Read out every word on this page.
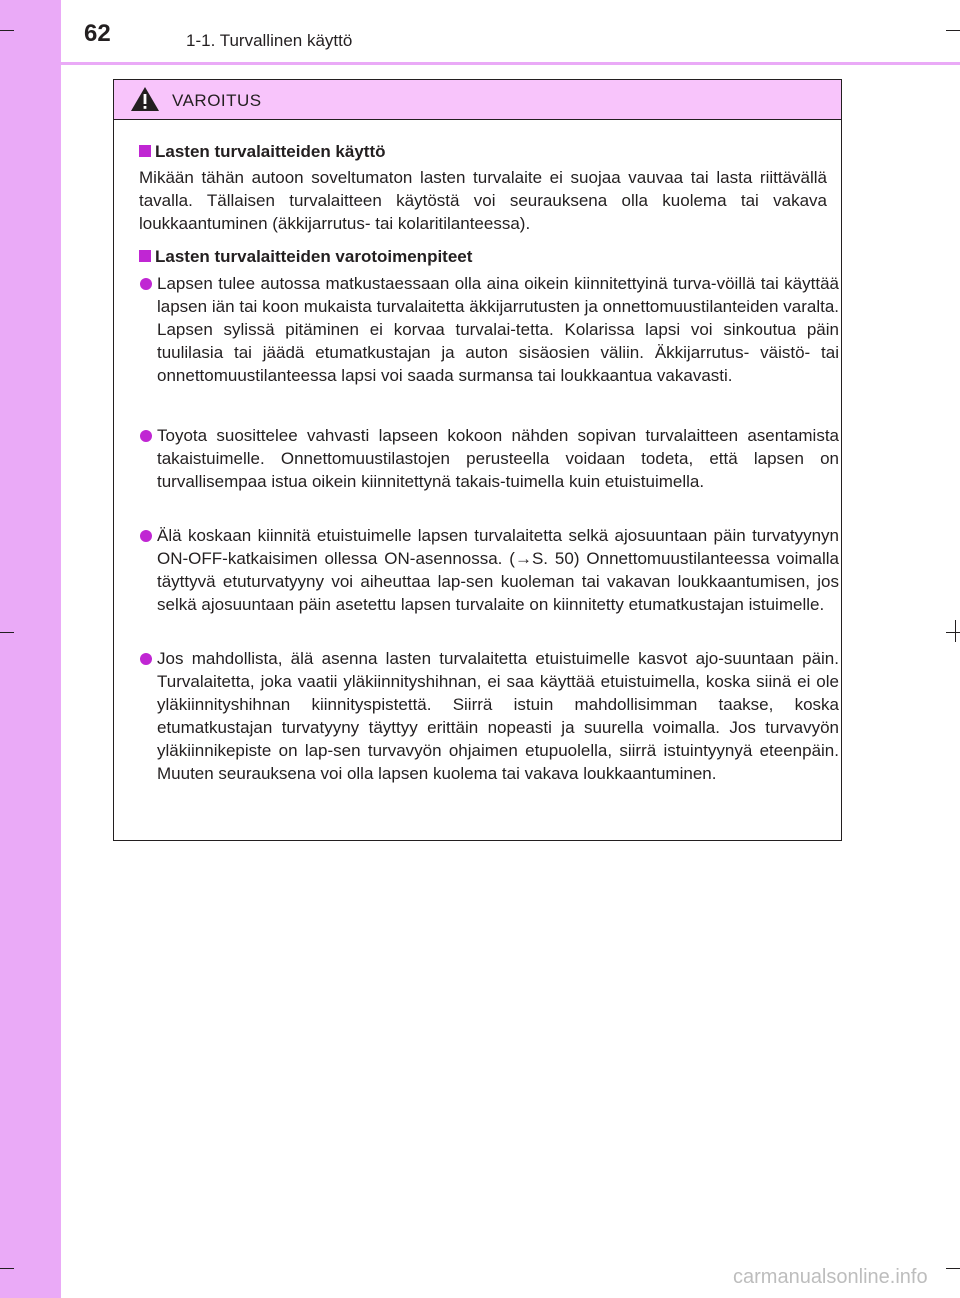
62	1-1. Turvallinen käyttö
VAROITUS
Lasten turvalaitteiden käyttö
Mikään tähän autoon soveltumaton lasten turvalaite ei suojaa vauvaa tai lasta riittävällä tavalla. Tällaisen turvalaitteen käytöstä voi seurauksena olla kuolema tai vakava loukkaantuminen (äkkijarrutus- tai kolaritilanteessa).
Lasten turvalaitteiden varotoimenpiteet
Lapsen tulee autossa matkustaessaan olla aina oikein kiinnitettyinä turva-vöillä tai käyttää lapsen iän tai koon mukaista turvalaitetta äkkijarrutusten ja onnettomuustilanteiden varalta. Lapsen sylissä pitäminen ei korvaa turvalai-tetta. Kolarissa lapsi voi sinkoutua päin tuulilasia tai jäädä etumatkustajan ja auton sisäosien väliin. Äkkijarrutus- väistö- tai onnettomuustilanteessa lapsi voi saada surmansa tai loukkaantua vakavasti.
Toyota suosittelee vahvasti lapseen kokoon nähden sopivan turvalaitteen asentamista takaistuimelle. Onnettomuustilastojen perusteella voidaan todeta, että lapsen on turvallisempaa istua oikein kiinnitettynä takais-tuimella kuin etuistuimella.
Älä koskaan kiinnitä etuistuimelle lapsen turvalaitetta selkä ajosuuntaan päin turvatyynyn ON-OFF-katkaisimen ollessa ON-asennossa. (→S. 50) Onnettomuustilanteessa voimalla täyttyvä etuturvatyyny voi aiheuttaa lap-sen kuoleman tai vakavan loukkaantumisen, jos selkä ajosuuntaan päin asetettu lapsen turvalaite on kiinnitetty etumatkustajan istuimelle.
Jos mahdollista, älä asenna lasten turvalaitetta etuistuimelle kasvot ajo-suuntaan päin. Turvalaitetta, joka vaatii yläkiinnityshihnan, ei saa käyttää etuistuimella, koska siinä ei ole yläkiinnityshihnan kiinnityspistettä. Siirrä istuin mahdollisimman taakse, koska etumatkustajan turvatyyny täyttyy erittäin nopeasti ja suurella voimalla. Jos turvavyön yläkiinnikepiste on lap-sen turvavyön ohjaimen etupuolella, siirrä istuintyynyä eteenpäin. Muuten seurauksena voi olla lapsen kuolema tai vakava loukkaantuminen.
carmanualsonline.info
